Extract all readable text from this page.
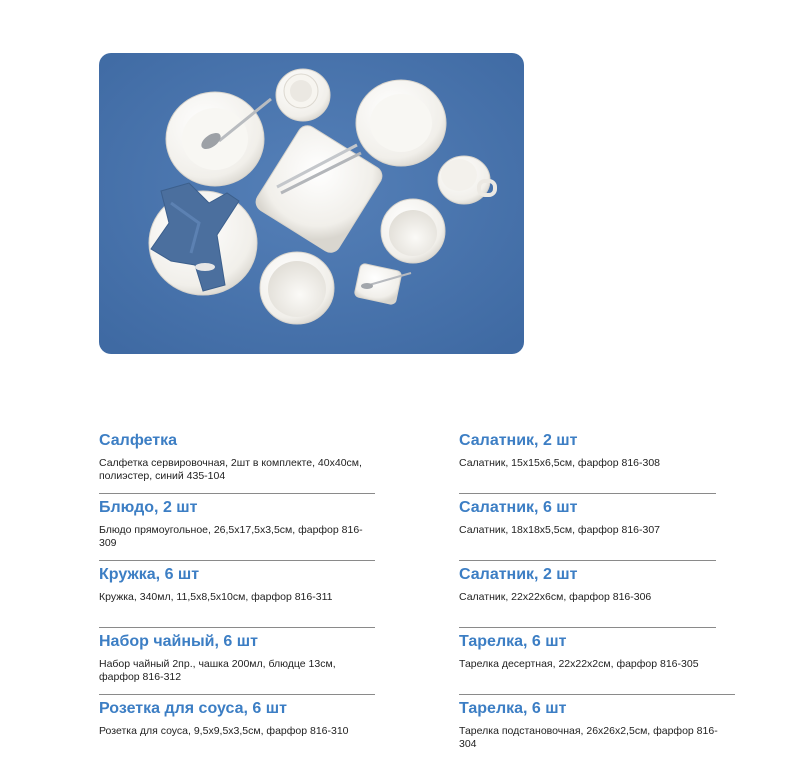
Салфетка
Салфетка сервировочная, 2шт в комплекте, 40х40см, полиэстер, синий 435-104
Блюдо, 2 шт
Блюдо прямоугольное, 26,5х17,5х3,5см, фарфор 816-309
Кружка, 6 шт
Кружка, 340мл, 11,5х8,5х10см, фарфор 816-311
Набор чайный, 6 шт
Набор чайный 2пр., чашка 200мл, блюдце 13см, фарфор 816-312
Розетка для соуса, 6 шт
Розетка для соуса, 9,5х9,5х3,5см, фарфор 816-310
Салатник, 2 шт
Салатник, 15х15х6,5см, фарфор 816-308
Салатник, 6 шт
Салатник, 18х18х5,5см, фарфор 816-307
Салатник, 2 шт
Салатник, 22х22х6см, фарфор 816-306
Тарелка, 6 шт
Тарелка десертная, 22х22х2см, фарфор 816-305
Тарелка, 6 шт
Тарелка подстановочная, 26х26х2,5см, фарфор 816-304
